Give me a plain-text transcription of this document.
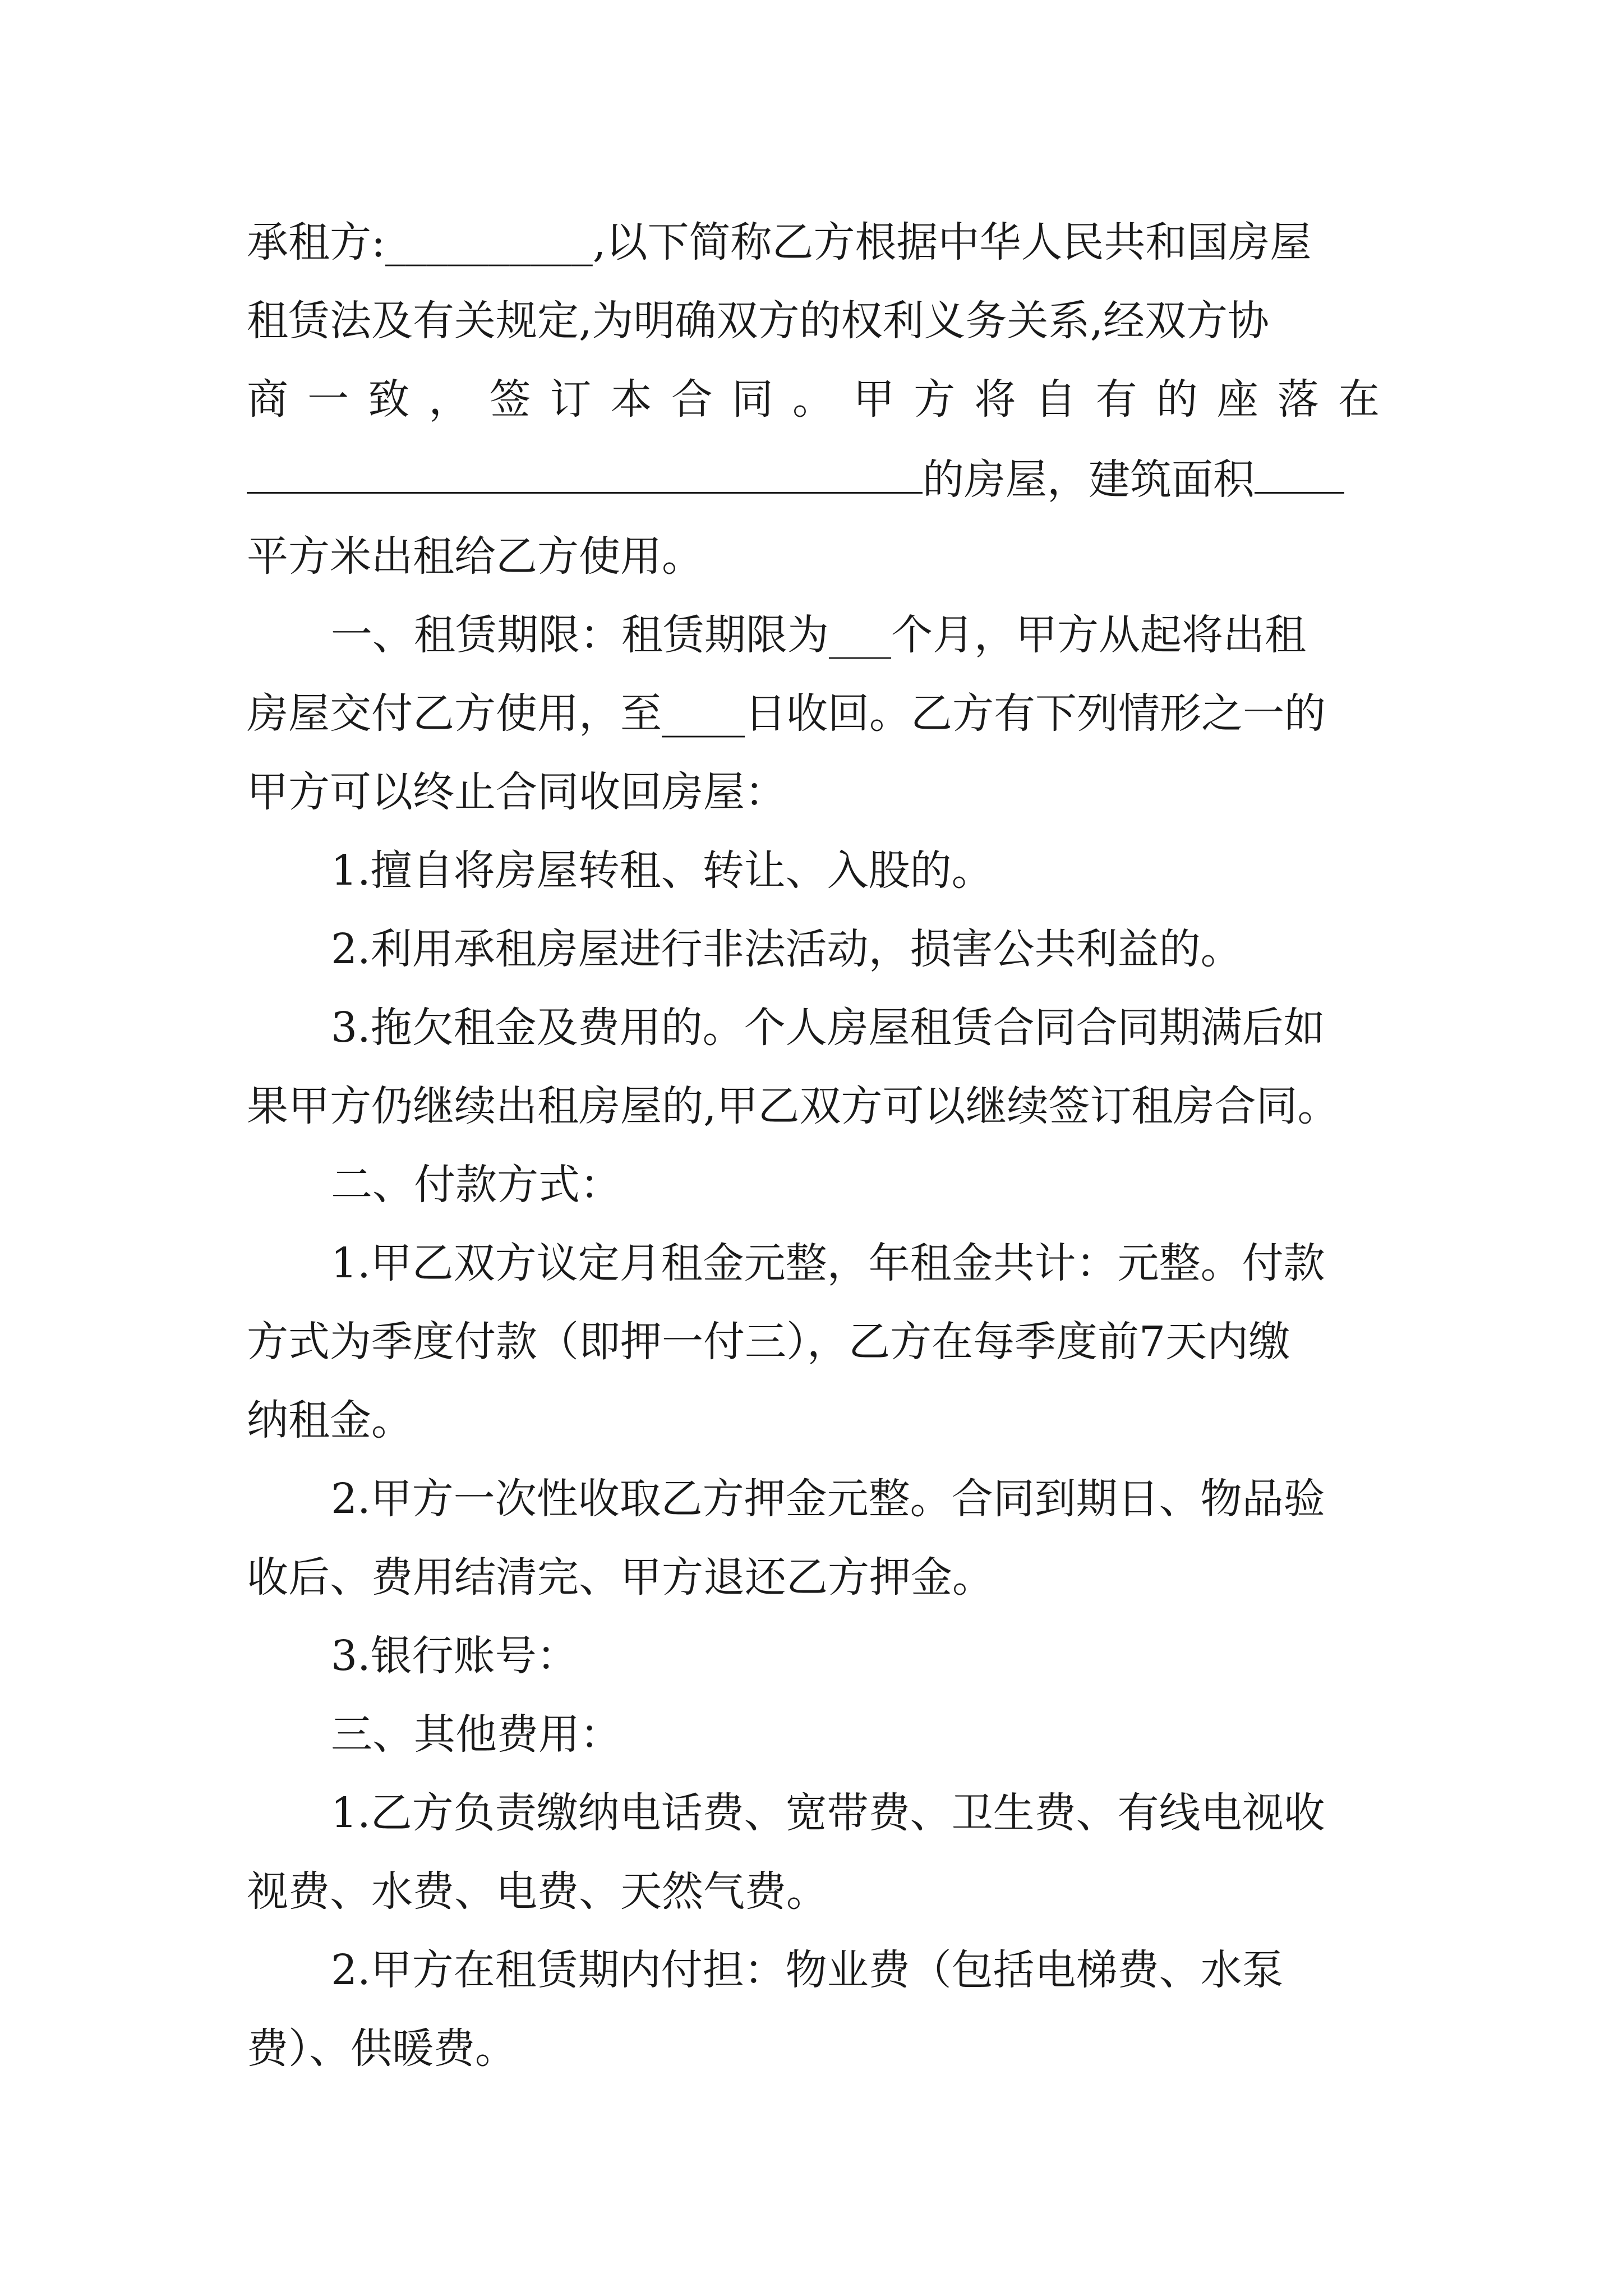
承租方:__________,以下简称乙方根据中华人民共和国房屋
租赁法及有关规定,为明确双方的权利义务关系,经双方协
商 一 致 ， 签 订 本 合 同 。 甲 方 将 自 有 的 座 落 在
的房屋，建筑面积
平方米出租给乙方使用。
一、租赁期限：租赁期限为___个月，甲方从起将出租
房屋交付乙方使用，至____日收回。乙方有下列情形之一的
甲方可以终止合同收回房屋：
1.擅自将房屋转租、转让、入股的。
2.利用承租房屋进行非法活动，损害公共利益的。
3.拖欠租金及费用的。个人房屋租赁合同合同期满后如
果甲方仍继续出租房屋的,甲乙双方可以继续签订租房合同。
二、付款方式：
1.甲乙双方议定月租金元整，年租金共计：元整。付款
方式为季度付款（即押一付三），乙方在每季度前7天内缴
纳租金。
2.甲方一次性收取乙方押金元整。合同到期日、物品验
收后、费用结清完、甲方退还乙方押金。
3.银行账号：
三、其他费用：
1.乙方负责缴纳电话费、宽带费、卫生费、有线电视收
视费、水费、电费、天然气费。
2.甲方在租赁期内付担：物业费（包括电梯费、水泵
费）、供暖费。
